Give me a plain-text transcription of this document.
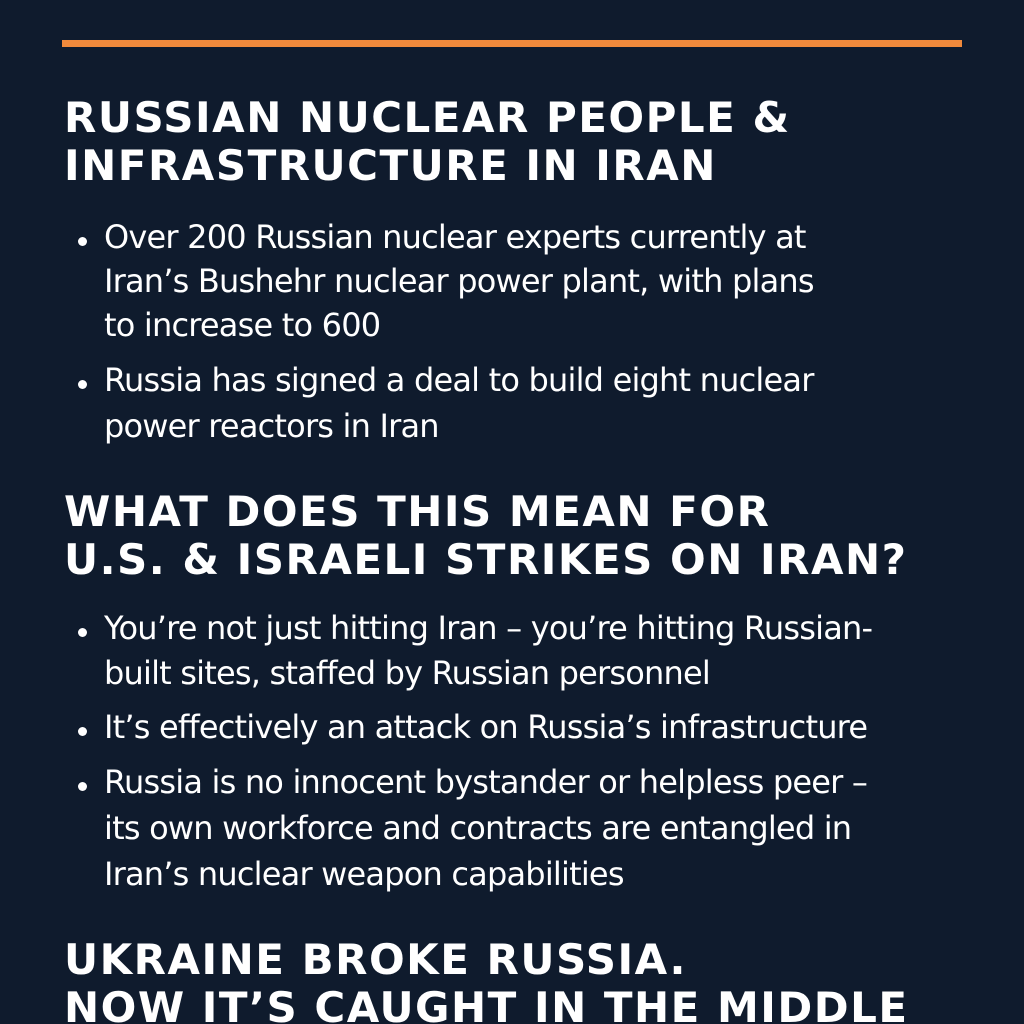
RUSSIAN NUCLEAR PEOPLE &
INFRASTRUCTURE IN IRAN
Over 200 Russian nuclear experts currently at
Iran’s Bushehr nuclear power plant, with plans
to increase to 600
Russia has signed a deal to build eight nuclear
power reactors in Iran
WHAT DOES THIS MEAN FOR
U.S. & ISRAELI STRIKES ON IRAN?
You’re not just hitting Iran – you’re hitting Russian-
built sites, staffed by Russian personnel
It’s effectively an attack on Russia’s infrastructure
Russia is no innocent bystander or helpless peer –
its own workforce and contracts are entangled in
Iran’s nuclear weapon capabilities
UKRAINE BROKE RUSSIA.
NOW IT’S CAUGHT IN THE MIDDLE
